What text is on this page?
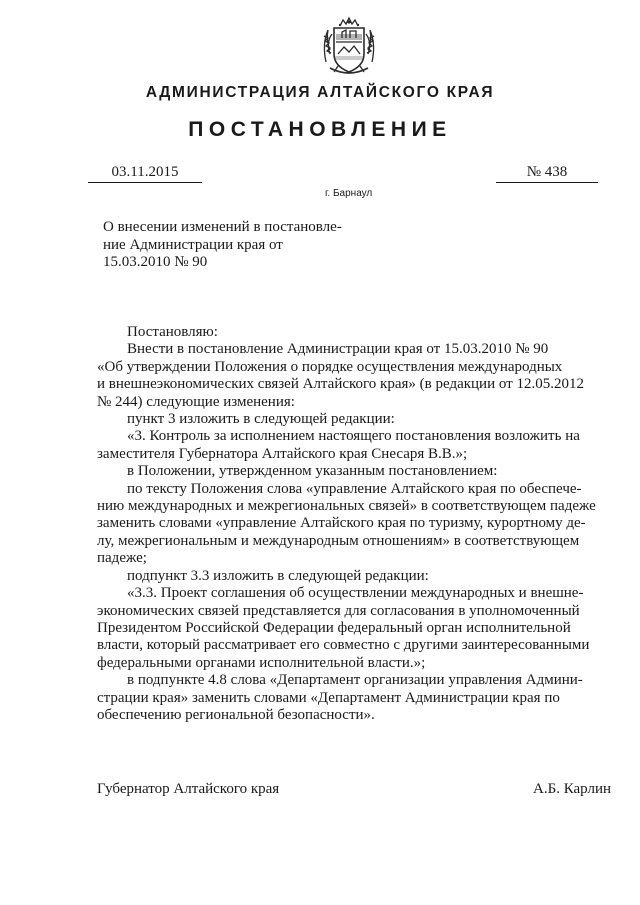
АДМИНИСТРАЦИЯ АЛТАЙСКОГО КРАЯ
ПОСТАНОВЛЕНИЕ
03.11.2015	№ 438
г. Барнаул
О внесении изменений в постановле-
ние Администрации края от
15.03.2010 № 90
Постановляю:
Внести в постановление Администрации края от 15.03.2010 № 90
«Об утверждении Положения о порядке осуществления международных
и внешнеэкономических связей Алтайского края» (в редакции от 12.05.2012
№ 244) следующие изменения:
пункт 3 изложить в следующей редакции:
«3. Контроль за исполнением настоящего постановления возложить на
заместителя Губернатора Алтайского края Снесаря В.В.»;
в Положении, утвержденном указанным постановлением:
по тексту Положения слова «управление Алтайского края по обеспече-
нию международных и межрегиональных связей» в соответствующем падеже
заменить словами «управление Алтайского края по туризму, курортному де-
лу, межрегиональным и международным отношениям» в соответствующем
падеже;
подпункт 3.3 изложить в следующей редакции:
«3.3. Проект соглашения об осуществлении международных и внешне-
экономических связей представляется для согласования в уполномоченный
Президентом Российской Федерации федеральный орган исполнительной
власти, который рассматривает его совместно с другими заинтересованными
федеральными органами исполнительной власти.»;
в подпункте 4.8 слова «Департамент организации управления Админи-
страции края» заменить словами «Департамент Администрации края по
обеспечению региональной безопасности».
Губернатор Алтайского края	А.Б. Карлин
